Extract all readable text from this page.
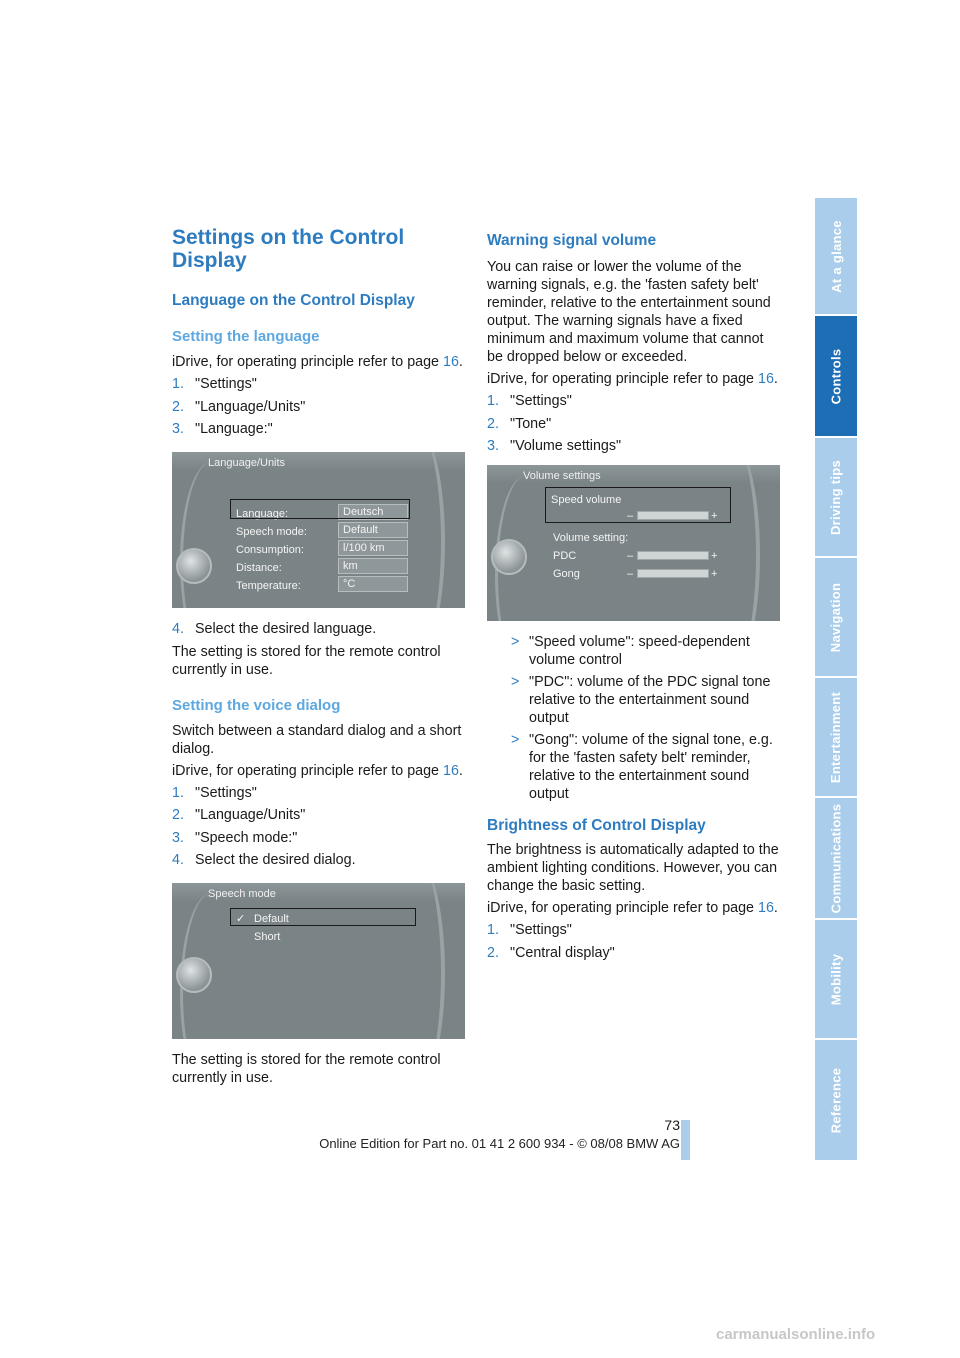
Settings on the Control Display
Language on the Control Display
Setting the language

iDrive, for operating principle refer to page 16.

1. "Settings"
2. "Language/Units"
3. "Language:"
Language/Units
Language:	Deutsch
Speech mode:	Default
Consumption:	l/100 km
Distance:	km
Temperature:	°C
4. Select the desired language.

The setting is stored for the remote control currently in use.

Setting the voice dialog

Switch between a standard dialog and a short dialog.

iDrive, for operating principle refer to page 16.

1. "Settings"
2. "Language/Units"
3. "Speech mode:"
4. Select the desired dialog.
Speech mode
✓ Default
Short

The setting is stored for the remote control currently in use.

Warning signal volume

You can raise or lower the volume of the warning signals, e.g. the 'fasten safety belt' reminder, relative to the entertainment sound output. The warning signals have a fixed minimum and maximum volume that cannot be dropped below or exceeded.

iDrive, for operating principle refer to page 16.

1. "Settings"
2. "Tone"
3. "Volume settings"
Volume settings
Speed volume
–	+
Volume setting:
PDC	–	+
Gong	–	+
> "Speed volume": speed-dependent volume control
> "PDC": volume of the PDC signal tone relative to the entertainment sound output
> "Gong": volume of the signal tone, e.g. for the 'fasten safety belt' reminder, relative to the entertainment sound output
Brightness of Control Display

The brightness is automatically adapted to the ambient lighting conditions. However, you can change the basic setting.

iDrive, for operating principle refer to page 16.

1. "Settings"
2. "Central display"
At a glance
Controls
Driving tips
Navigation
Entertainment
Communications
Mobility
Reference
73
Online Edition for Part no. 01 41 2 600 934 - © 08/08 BMW AG
carmanualsonline.info
